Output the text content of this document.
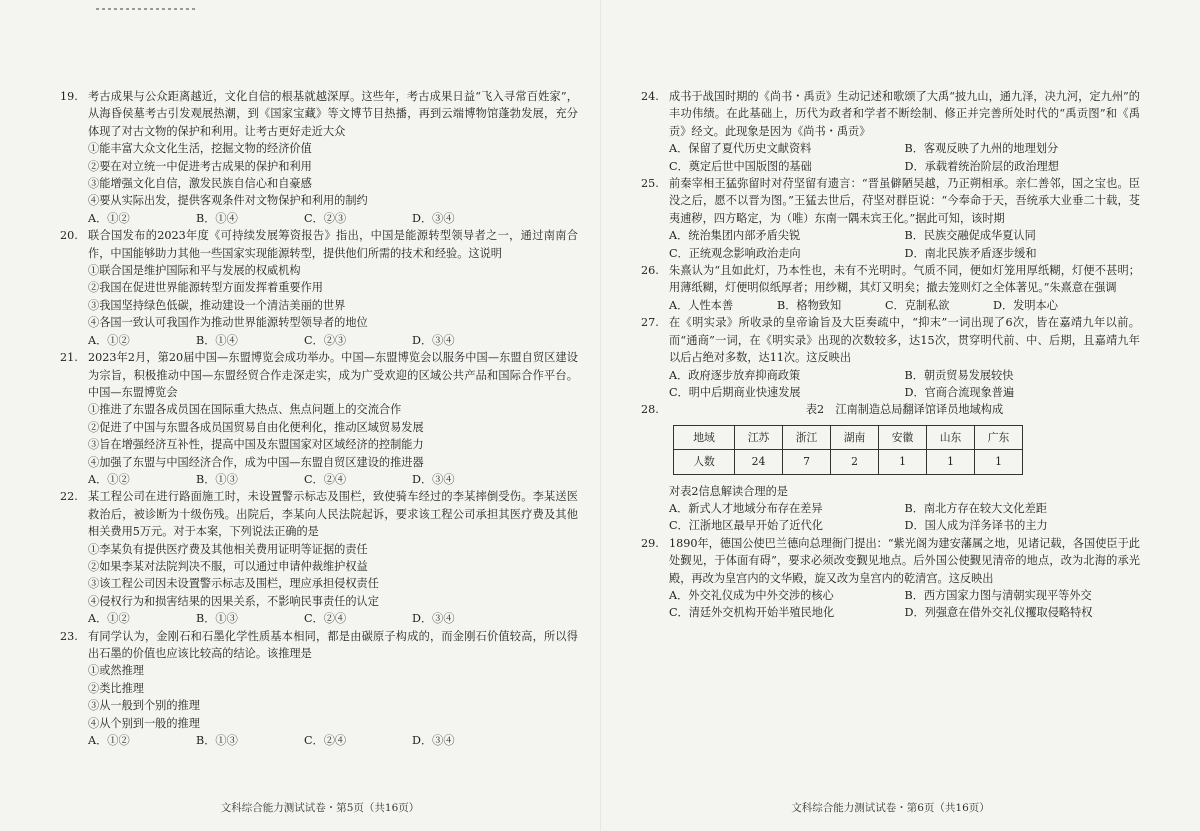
19. 考古成果与公众距离越近，文化自信的根基就越深厚。这些年，考古成果日益“飞入寻常百姓家”，从海昏侯墓考古引发观展热潮，到《国家宝藏》等文博节目热播，再到云端博物馆蓬勃发展，充分体现了对古文物的保护和利用。让考古更好走近大众
①能丰富大众文化生活，挖掘文物的经济价值
②要在对立统一中促进考古成果的保护和利用
③能增强文化自信，激发民族自信心和自豪感
④要从实际出发，提供客观条件对文物保护和利用的制约
A．①②	B．①④	C．②③	D．③④
20. 联合国发布的2023年度《可持续发展筹资报告》指出，中国是能源转型领导者之一，通过南南合作，中国能够助力其他一些国家实现能源转型，提供他们所需的技术和经验。这说明
①联合国是维护国际和平与发展的权威机构
②我国在促进世界能源转型方面发挥着重要作用
③我国坚持绿色低碳，推动建设一个清洁美丽的世界
④各国一致认可我国作为推动世界能源转型领导者的地位
A．①②	B．①④	C．②③	D．③④
21. 2023年2月，第20届中国—东盟博览会成功举办。中国—东盟博览会以服务中国—东盟自贸区建设为宗旨，积极推动中国—东盟经贸合作走深走实，成为广受欢迎的区域公共产品和国际合作平台。中国—东盟博览会
①推进了东盟各成员国在国际重大热点、焦点问题上的交流合作
②促进了中国与东盟各成员国贸易自由化便利化，推动区域贸易发展
③旨在增强经济互补性，提高中国及东盟国家对区域经济的控制能力
④加强了东盟与中国经济合作，成为中国—东盟自贸区建设的推进器
A．①②	B．①③	C．②④	D．③④
22. 某工程公司在进行路面施工时，未设置警示标志及围栏，致使骑车经过的李某摔倒受伤。李某送医救治后，被诊断为十级伤残。出院后，李某向人民法院起诉，要求该工程公司承担其医疗费及其他相关费用5万元。对于本案，下列说法正确的是
①李某负有提供医疗费及其他相关费用证明等证据的责任
②如果李某对法院判决不服，可以通过申请仲裁维护权益
③该工程公司因未设置警示标志及围栏，理应承担侵权责任
④侵权行为和损害结果的因果关系，不影响民事责任的认定
A．①②	B．①③	C．②④	D．③④
23. 有同学认为，金刚石和石墨化学性质基本相同，都是由碳原子构成的，而金刚石价值较高，所以得出石墨的价值也应该比较高的结论。该推理是
①或然推理
②类比推理
③从一般到个别的推理
④从个别到一般的推理
A．①②	B．①③	C．②④	D．③④
文科综合能力测试试卷・第5页（共16页）
24. 成书于战国时期的《尚书・禹贡》生动记述和歌颂了大禹“披九山，通九泽，决九河，定九州”的丰功伟绩。在此基础上，历代为政者和学者不断绘制、修正并完善所处时代的“禹贡图”和《禹贡》经文。此现象是因为《尚书・禹贡》
A．保留了夏代历史文献资料	B．客观反映了九州的地理划分
C．奠定后世中国版图的基础	D．承载着统治阶层的政治理想
25. 前秦宰相王猛弥留时对苻坚留有遗言：“晋虽僻陋吴越，乃正朔相承。亲仁善邻，国之宝也。臣没之后，愿不以晋为图。”王猛去世后，苻坚对群臣说：“今奉命于天，吾统承大业垂二十载，芟夷逋秽，四方略定，为（唯）东南一隅未宾王化。”据此可知，该时期
A．统治集团内部矛盾尖锐	B．民族交融促成华夏认同
C．正统观念影响政治走向	D．南北民族矛盾逐步缓和
26. 朱熹认为“且如此灯，乃本性也，未有不光明时。气质不同，便如灯笼用厚纸糊，灯便不甚明；用薄纸糊，灯便明似纸厚者；用纱糊，其灯又明矣；撤去笼则灯之全体著见。”朱熹意在强调
A．人性本善	B．格物致知	C．克制私欲	D．发明本心
27. 在《明实录》所收录的皇帝谕旨及大臣奏疏中，“抑末”一词出现了6次，皆在嘉靖九年以前。而“通商”一词，在《明实录》出现的次数较多，达15次，贯穿明代前、中、后期，且嘉靖九年以后占绝对多数，达11次。这反映出
A．政府逐步放弃抑商政策	B．朝贡贸易发展较快
C．明中后期商业快速发展	D．官商合流现象普遍
28.	表2　江南制造总局翻译馆译员地域构成
地域	江苏	浙江	湖南	安徽	山东	广东
人数	24	7	2	1	1	1
对表2信息解读合理的是
A．新式人才地域分布存在差异	B．南北方存在较大文化差距
C．江浙地区最早开始了近代化	D．国人成为洋务译书的主力
29. 1890年，德国公使巴兰德向总理衙门提出：“紫光阁为建安藩属之地，见诸记载，各国使臣于此处觐见，于体面有碍”，要求必须改变觐见地点。后外国公使觐见清帝的地点，改为北海的承光殿，再改为皇宫内的文华殿，旋又改为皇宫内的乾清宫。这反映出
A．外交礼仪成为中外交涉的核心	B．西方国家力图与清朝实现平等外交
C．清廷外交机构开始半殖民地化	D．列强意在借外交礼仪攫取侵略特权
文科综合能力测试试卷・第6页（共16页）
